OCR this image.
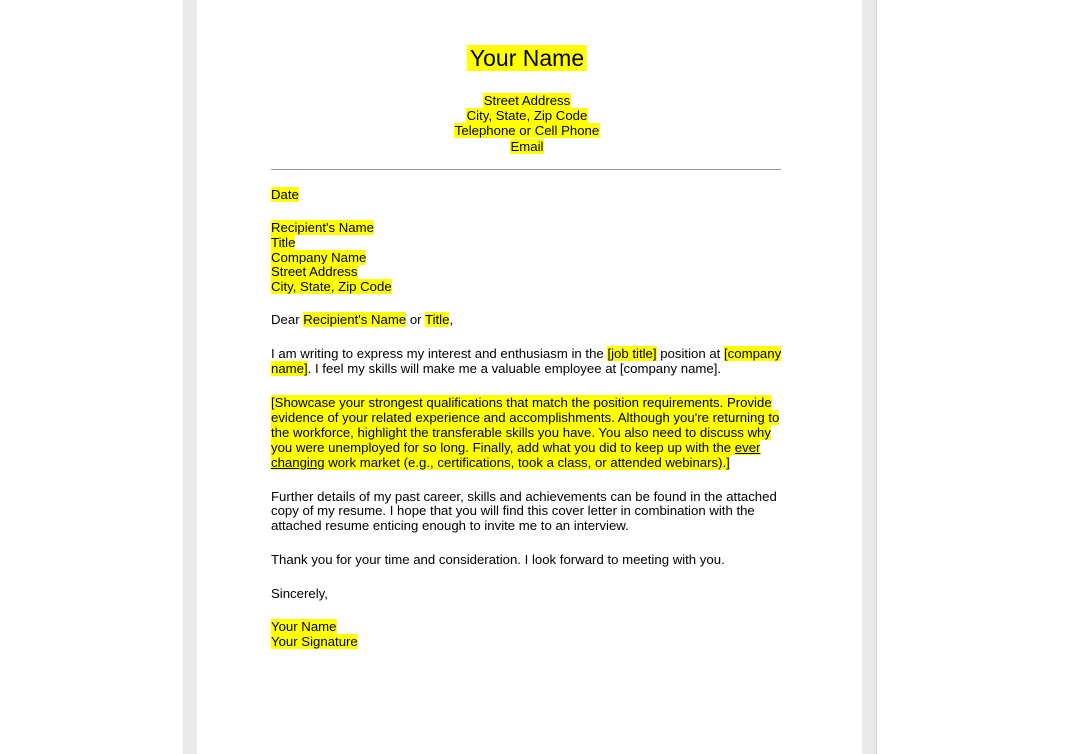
Your Name
Street Address
City, State, Zip Code
Telephone or Cell Phone
Email
Date
Recipient's Name
Title
Company Name
Street Address
City, State, Zip Code
Dear Recipient's Name or Title,

I am writing to express my interest and enthusiasm in the [job title] position at [company name]. I feel my skills will make me a valuable employee at [company name].

[Showcase your strongest qualifications that match the position requirements. Provide evidence of your related experience and accomplishments. Although you're returning to the workforce, highlight the transferable skills you have. You also need to discuss why you were unemployed for so long. Finally, add what you did to keep up with the ever changing work market (e.g., certifications, took a class, or attended webinars).]

Further details of my past career, skills and achievements can be found in the attached copy of my resume. I hope that you will find this cover letter in combination with the attached resume enticing enough to invite me to an interview.

Thank you for your time and consideration. I look forward to meeting with you.

Sincerely,

Your Name
Your Signature
